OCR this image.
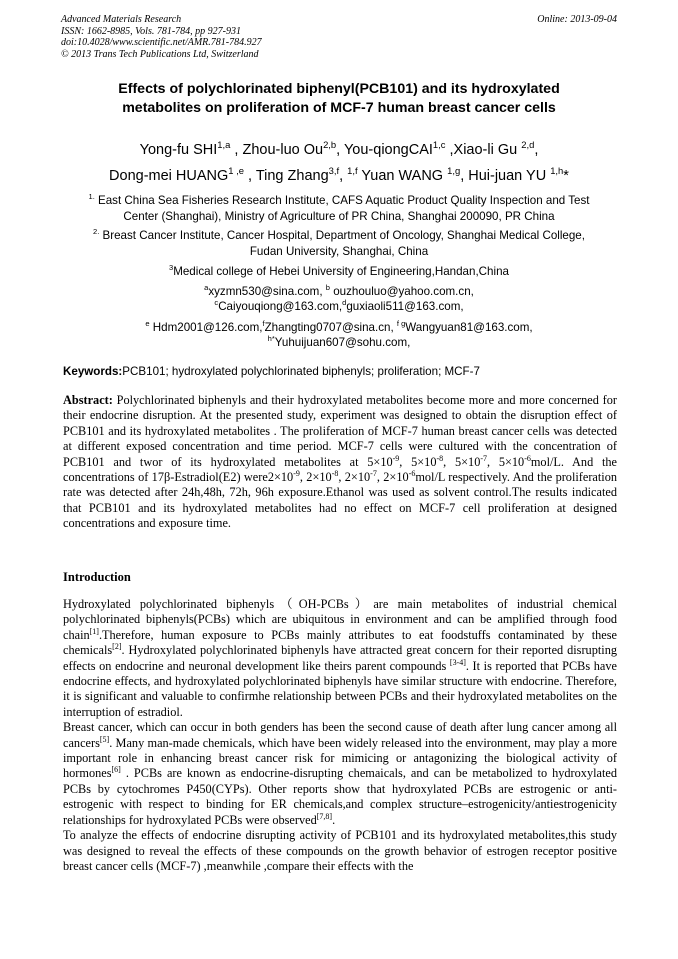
Advanced Materials Research
ISSN: 1662-8985, Vols. 781-784, pp 927-931
doi:10.4028/www.scientific.net/AMR.781-784.927
© 2013 Trans Tech Publications Ltd, Switzerland
Online: 2013-09-04
Effects of polychlorinated biphenyl(PCB101) and its hydroxylated
metabolites on proliferation of MCF-7 human breast cancer cells
Yong-fu SHI$^{1,a}$ , Zhou-luo Ou$^{2,b}$, You-qiongCAI$^{1,c}$ ,Xiao-li Gu $^{2,d}$,
Dong-mei HUANG$^{1 ,e}$ , Ting Zhang$^{3,f}$, $^{1,f}$ Yuan WANG $^{1,g}$, Hui-juan YU $^{1,h}$*
$^{1.}$ East China Sea Fisheries Research Institute, CAFS Aquatic Product Quality Inspection and Test
Center (Shanghai), Ministry of Agriculture of PR China, Shanghai 200090, PR China
$^{2.}$ Breast Cancer Institute, Cancer Hospital, Department of Oncology, Shanghai Medical College,
Fudan University, Shanghai, China
$^3$Medical college of Hebei University of Engineering,Handan,China
$^a$xyzmn530@sina.com, $^b$ ouzhouluo@yahoo.com.cn,
$^c$Caiyouqiong@163.com,$^d$guxiaoli511@163.com,
$^e$ Hdm2001@126.com,$^f$Zhangting0707@sina.cn, $^{f g}$Wangyuan81@163.com,
$^{h*}$Yuhuijuan607@sohu.com,
Keywords:PCB101; hydroxylated polychlorinated biphenyls; proliferation; MCF-7

Abstract: Polychlorinated biphenyls and their hydroxylated metabolites become more and more concerned for their endocrine disruption. At the presented study, experiment was designed to obtain the disruption effect of PCB101 and its hydroxylated metabolites . The proliferation of MCF-7 human breast cancer cells was detected at different exposed concentration and time period. MCF-7 cells were cultured with the concentration of PCB101 and twor of its hydroxylated metabolites at $5\times 10^{-9}$, $5\times 10^{-8}$, $5\times 10^{-7}$, $5\times 10^{-6}mol/L$. And the concentrations of 17β-Estradiol(E2) $were2\times 10^{-9}$, $2\times 10^{-8}$, $2\times 10^{-7}$, $2\times 10^{-6}mol/L$ respectively. And the proliferation rate was detected after 24h,48h, 72h, 96h exposure.Ethanol was used as solvent control.The results indicated that PCB101 and its hydroxylated metabolites had no effect on MCF-7 cell proliferation at designed concentrations and exposure time.

Introduction

Hydroxylated polychlorinated biphenyls（OH-PCBs）are main metabolites of industrial chemical polychlorinated biphenyls(PCBs) which are ubiquitous in environment and can be amplified through food chain[1].Therefore, human exposure to PCBs mainly attributes to eat foodstuffs contaminated by these chemicals[2]. Hydroxylated polychlorinated biphenyls have attracted great concern for their reported disrupting effects on endocrine and neuronal development like theirs parent compounds [3-4]. It is reported that PCBs have endocrine effects, and hydroxylated polychlorinated biphenyls have similar structure with endocrine. Therefore, it is significant and valuable to confirmhe relationship between PCBs and their hydroxylated metabolites on the interruption of estradiol.

Breast cancer, which can occur in both genders has been the second cause of death after lung cancer among all cancers[5]. Many man-made chemicals, which have been widely released into the environment, may play a more important role in enhancing breast cancer risk for mimicing or antagonizing the biological activity of hormones[6] . PCBs are known as endocrine-disrupting chemaicals, and can be metabolized to hydroxylated PCBs by cytochromes P450(CYPs). Other reports show that hydroxylated PCBs are estrogenic or anti-estrogenic with respect to binding for ER chemicals,and complex structure–estrogenicity/antiestrogenicity relationships for hydroxylated PCBs were observed[7,8].

To analyze the effects of endocrine disrupting activity of PCB101 and its hydroxylated metabolites,this study was designed to reveal the effects of these compounds on the growth behavior of estrogen receptor positive breast cancer cells (MCF-7) ,meanwhile ,compare their effects with the
